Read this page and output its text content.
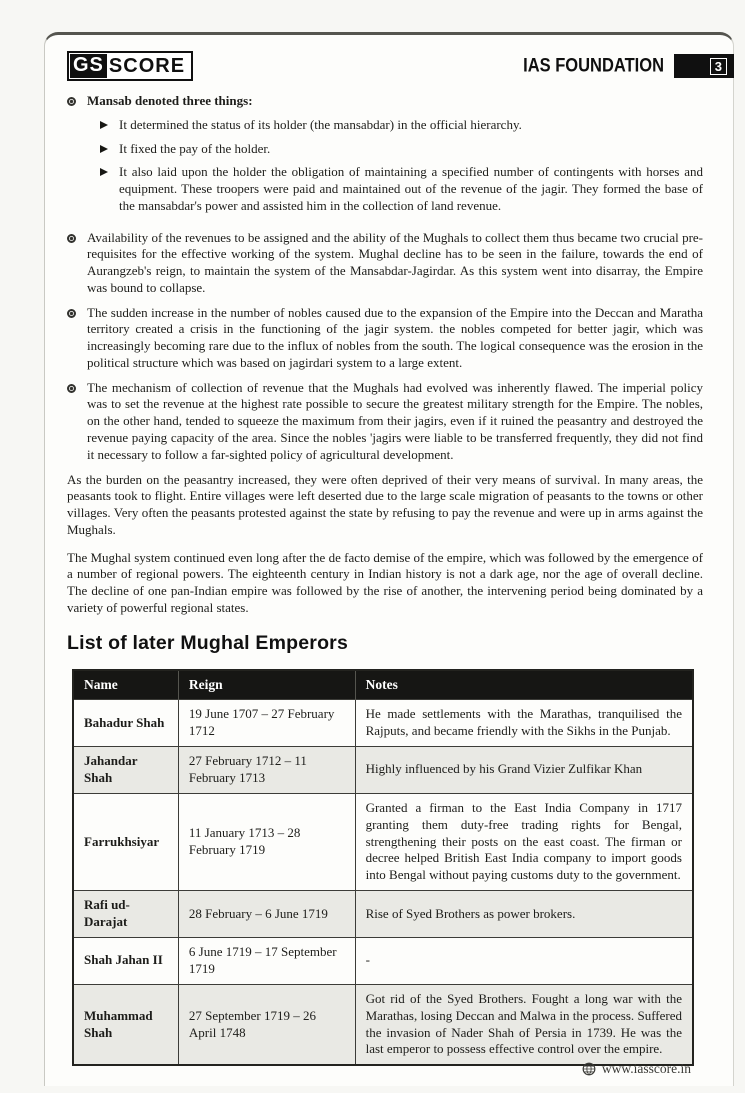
GS SCORE	IAS FOUNDATION	3
Mansab denoted three things:
It determined the status of its holder (the mansabdar) in the official hierarchy.
It fixed the pay of the holder.
It also laid upon the holder the obligation of maintaining a specified number of contingents with horses and equipment. These troopers were paid and maintained out of the revenue of the jagir. They formed the base of the mansabdar's power and assisted him in the collection of land revenue.
Availability of the revenues to be assigned and the ability of the Mughals to collect them thus became two crucial pre-requisites for the effective working of the system. Mughal decline has to be seen in the failure, towards the end of Aurangzeb's reign, to maintain the system of the Mansabdar-Jagirdar. As this system went into disarray, the Empire was bound to collapse.
The sudden increase in the number of nobles caused due to the expansion of the Empire into the Deccan and Maratha territory created a crisis in the functioning of the jagir system. the nobles competed for better jagir, which was increasingly becoming rare due to the influx of nobles from the south. The logical consequence was the erosion in the political structure which was based on jagirdari system to a large extent.
The mechanism of collection of revenue that the Mughals had evolved was inherently flawed. The imperial policy was to set the revenue at the highest rate possible to secure the greatest military strength for the Empire. The nobles, on the other hand, tended to squeeze the maximum from their jagirs, even if it ruined the peasantry and destroyed the revenue paying capacity of the area. Since the nobles 'jagirs were liable to be transferred frequently, they did not find it necessary to follow a far-sighted policy of agricultural development.
As the burden on the peasantry increased, they were often deprived of their very means of survival. In many areas, the peasants took to flight. Entire villages were left deserted due to the large scale migration of peasants to the towns or other villages. Very often the peasants protested against the state by refusing to pay the revenue and were up in arms against the Mughals.
The Mughal system continued even long after the de facto demise of the empire, which was followed by the emergence of a number of regional powers. The eighteenth century in Indian history is not a dark age, nor the age of overall decline. The decline of one pan-Indian empire was followed by the rise of another, the intervening period being dominated by a variety of powerful regional states.
List of later Mughal Emperors
Name	Reign	Notes
Bahadur Shah	19 June 1707 – 27 February 1712	He made settlements with the Marathas, tranquilised the Rajputs, and became friendly with the Sikhs in the Punjab.
Jahandar Shah	27 February 1712 – 11 February 1713	Highly influenced by his Grand Vizier Zulfikar Khan
Farrukhsiyar	11 January 1713 – 28 February 1719	Granted a firman to the East India Company in 1717 granting them duty-free trading rights for Bengal, strengthening their posts on the east coast. The firman or decree helped British East India company to import goods into Bengal without paying customs duty to the government.
Rafi ud-Darajat	28 February – 6 June 1719	Rise of Syed Brothers as power brokers.
Shah Jahan II	6 June 1719 – 17 September 1719	-
Muhammad Shah	27 September 1719 – 26 April 1748	Got rid of the Syed Brothers. Fought a long war with the Marathas, losing Deccan and Malwa in the process. Suffered the invasion of Nader Shah of Persia in 1739. He was the last emperor to possess effective control over the empire.
www.iasscore.in
